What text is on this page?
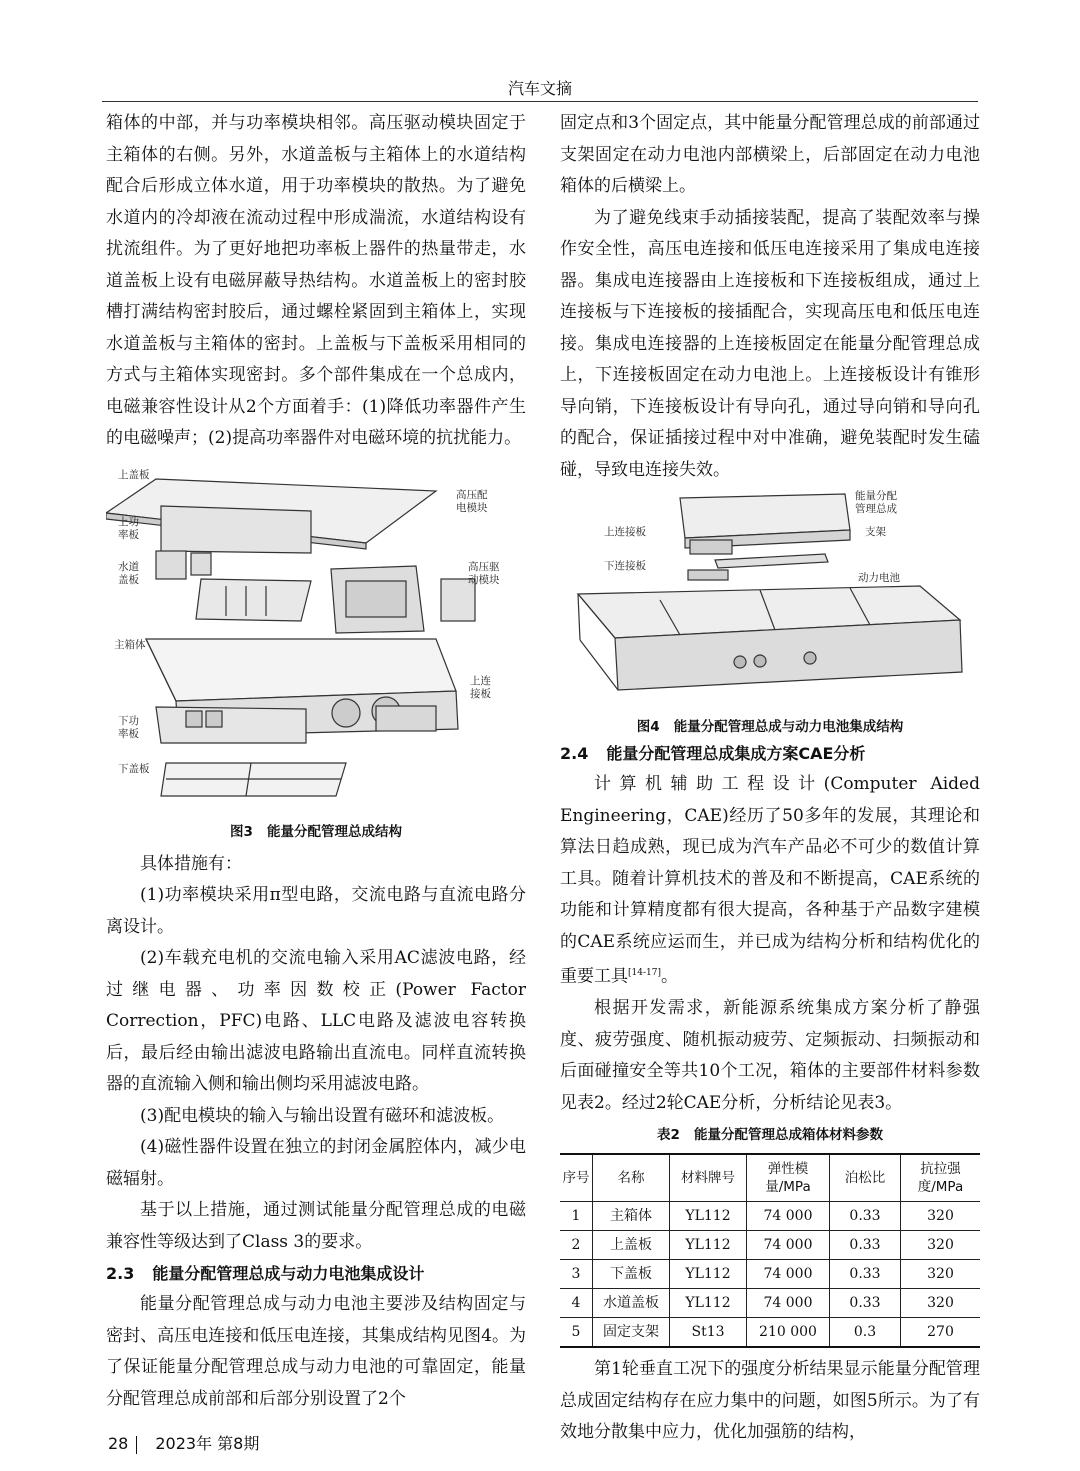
汽车文摘

箱体的中部，并与功率模块相邻。高压驱动模块固定于主箱体的右侧。另外，水道盖板与主箱体上的水道结构配合后形成立体水道，用于功率模块的散热。为了避免水道内的冷却液在流动过程中形成湍流，水道结构设有扰流组件。为了更好地把功率板上器件的热量带走，水道盖板上设有电磁屏蔽导热结构。水道盖板上的密封胶槽打满结构密封胶后，通过螺栓紧固到主箱体上，实现水道盖板与主箱体的密封。上盖板与下盖板采用相同的方式与主箱体实现密封。多个部件集成在一个总成内，电磁兼容性设计从2个方面着手：(1)降低功率器件产生的电磁噪声；(2)提高功率器件对电磁环境的抗扰能力。

上盖板
上功率板
水道盖板
高压配电模块
高压驱动模块
主箱体
上连接板
下功率板
下盖板
图3 能量分配管理总成结构

具体措施有：

(1)功率模块采用π型电路，交流电路与直流电路分离设计。

(2)车载充电机的交流电输入采用AC滤波电路，经过继电器、功率因数校正(Power Factor Correction，PFC)电路、LLC电路及滤波电容转换后，最后经由输出滤波电路输出直流电。同样直流转换器的直流输入侧和输出侧均采用滤波电路。

(3)配电模块的输入与输出设置有磁环和滤波板。

(4)磁性器件设置在独立的封闭金属腔体内，减少电磁辐射。

基于以上措施，通过测试能量分配管理总成的电磁兼容性等级达到了Class 3的要求。

2.3 能量分配管理总成与动力电池集成设计

能量分配管理总成与动力电池主要涉及结构固定与密封、高压电连接和低压电连接，其集成结构见图4。为了保证能量分配管理总成与动力电池的可靠固定，能量分配管理总成前部和后部分别设置了2个

固定点和3个固定点，其中能量分配管理总成的前部通过支架固定在动力电池内部横梁上，后部固定在动力电池箱体的后横梁上。

为了避免线束手动插接装配，提高了装配效率与操作安全性，高压电连接和低压电连接采用了集成电连接器。集成电连接器由上连接板和下连接板组成，通过上连接板与下连接板的接插配合，实现高压电和低压电连接。集成电连接器的上连接板固定在能量分配管理总成上，下连接板固定在动力电池上。上连接板设计有锥形导向销，下连接板设计有导向孔，通过导向销和导向孔的配合，保证插接过程中对中准确，避免装配时发生磕碰，导致电连接失效。

能量分配管理总成
上连接板	支架
下连接板
动力电池
图4 能量分配管理总成与动力电池集成结构
2.4 能量分配管理总成集成方案CAE分析

计算机辅助工程设计(Computer Aided Engineering，CAE)经历了50多年的发展，其理论和算法日趋成熟，现已成为汽车产品必不可少的数值计算工具。随着计算机技术的普及和不断提高，CAE系统的功能和计算精度都有很大提高，各种基于产品数字建模的CAE系统应运而生，并已成为结构分析和结构优化的重要工具[14-17]。

根据开发需求，新能源系统集成方案分析了静强度、疲劳强度、随机振动疲劳、定频振动、扫频振动和后面碰撞安全等共10个工况，箱体的主要部件材料参数见表2。经过2轮CAE分析，分析结论见表3。

表2 能量分配管理总成箱体材料参数
序号	名称	材料牌号	弹性模量/MPa	泊松比	抗拉强度/MPa
1	主箱体	YL112	74 000	0.33	320
2	上盖板	YL112	74 000	0.33	320
3	下盖板	YL112	74 000	0.33	320
4	水道盖板	YL112	74 000	0.33	320
5	固定支架	St13	210 000	0.3	270

第1轮垂直工况下的强度分析结果显示能量分配管理总成固定结构存在应力集中的问题，如图5所示。为了有效地分散集中应力，优化加强筋的结构，

28 2023年 第8期
